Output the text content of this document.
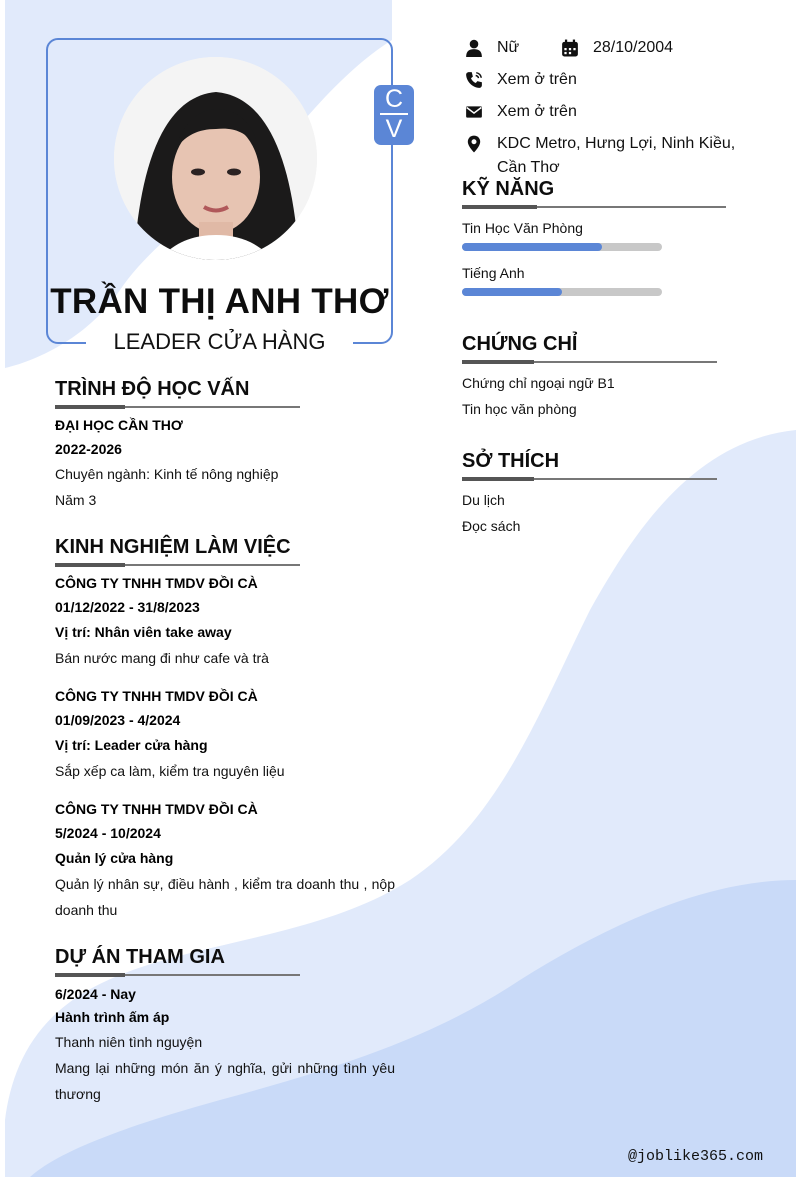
C
V
TRẦN THỊ ANH THƠ
LEADER CỬA HÀNG
Nữ	28/10/2004
Xem ở trên
Xem ở trên
KDC Metro, Hưng Lợi, Ninh Kiều,
Cần Thơ
KỸ NĂNG
Tin Học Văn Phòng
Tiếng Anh
CHỨNG CHỈ
Chứng chỉ ngoại ngữ B1
Tin học văn phòng
SỞ THÍCH
Du lịch
Đọc sách
TRÌNH ĐỘ HỌC VẤN
ĐẠI HỌC CẦN THƠ
2022-2026
Chuyên ngành: Kinh tế nông nghiệp
Năm 3
KINH NGHIỆM LÀM VIỆC
CÔNG TY TNHH TMDV ĐỒI CÀ
01/12/2022 - 31/8/2023
Vị trí: Nhân viên take away
Bán nước mang đi như cafe và trà
CÔNG TY TNHH TMDV ĐỒI CÀ
01/09/2023 - 4/2024
Vị trí: Leader cửa hàng
Sắp xếp ca làm, kiểm tra nguyên liệu
CÔNG TY TNHH TMDV ĐỒI CÀ
5/2024 - 10/2024
Quản lý cửa hàng
Quản lý nhân sự, điều hành , kiểm tra doanh thu , nộp doanh thu
DỰ ÁN THAM GIA
6/2024 - Nay
Hành trình ấm áp
Thanh niên tình nguyện
Mang lại những món ăn ý nghĩa, gửi những tình yêu thương
@joblike365.com
